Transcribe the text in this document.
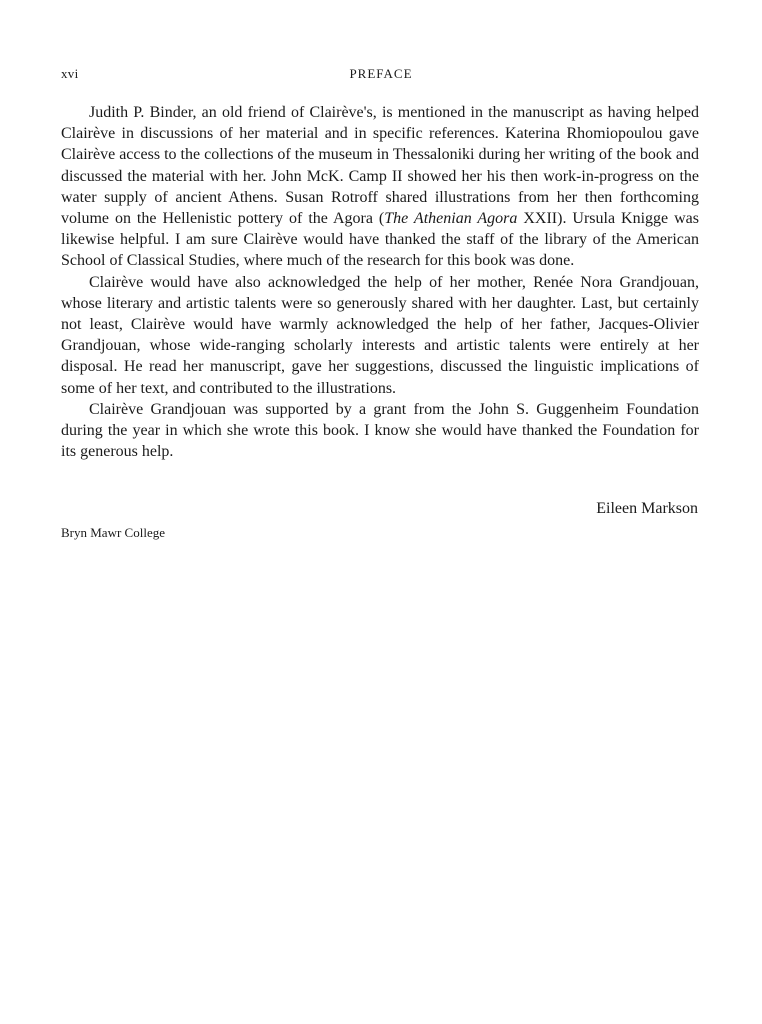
xvi	PREFACE

Judith P. Binder, an old friend of Clairève's, is mentioned in the manuscript as having helped Clairève in discussions of her material and in specific references. Katerina Rhomiopoulou gave Clairève access to the collections of the museum in Thessaloniki during her writing of the book and discussed the material with her. John McK. Camp II showed her his then work-in-progress on the water supply of ancient Athens. Susan Rotroff shared illustrations from her then forthcoming volume on the Hellenistic pottery of the Agora (The Athenian Agora XXII). Ursula Knigge was likewise helpful. I am sure Clairève would have thanked the staff of the library of the American School of Classical Studies, where much of the research for this book was done.

Clairève would have also acknowledged the help of her mother, Renée Nora Grandjouan, whose literary and artistic talents were so generously shared with her daughter. Last, but certainly not least, Clairève would have warmly acknowledged the help of her father, Jacques-Olivier Grandjouan, whose wide-ranging scholarly interests and artistic talents were entirely at her disposal. He read her manuscript, gave her suggestions, discussed the linguistic implications of some of her text, and contributed to the illustrations.

Clairève Grandjouan was supported by a grant from the John S. Guggenheim Foundation during the year in which she wrote this book. I know she would have thanked the Foundation for its generous help.

Eileen Markson
Bryn Mawr College
